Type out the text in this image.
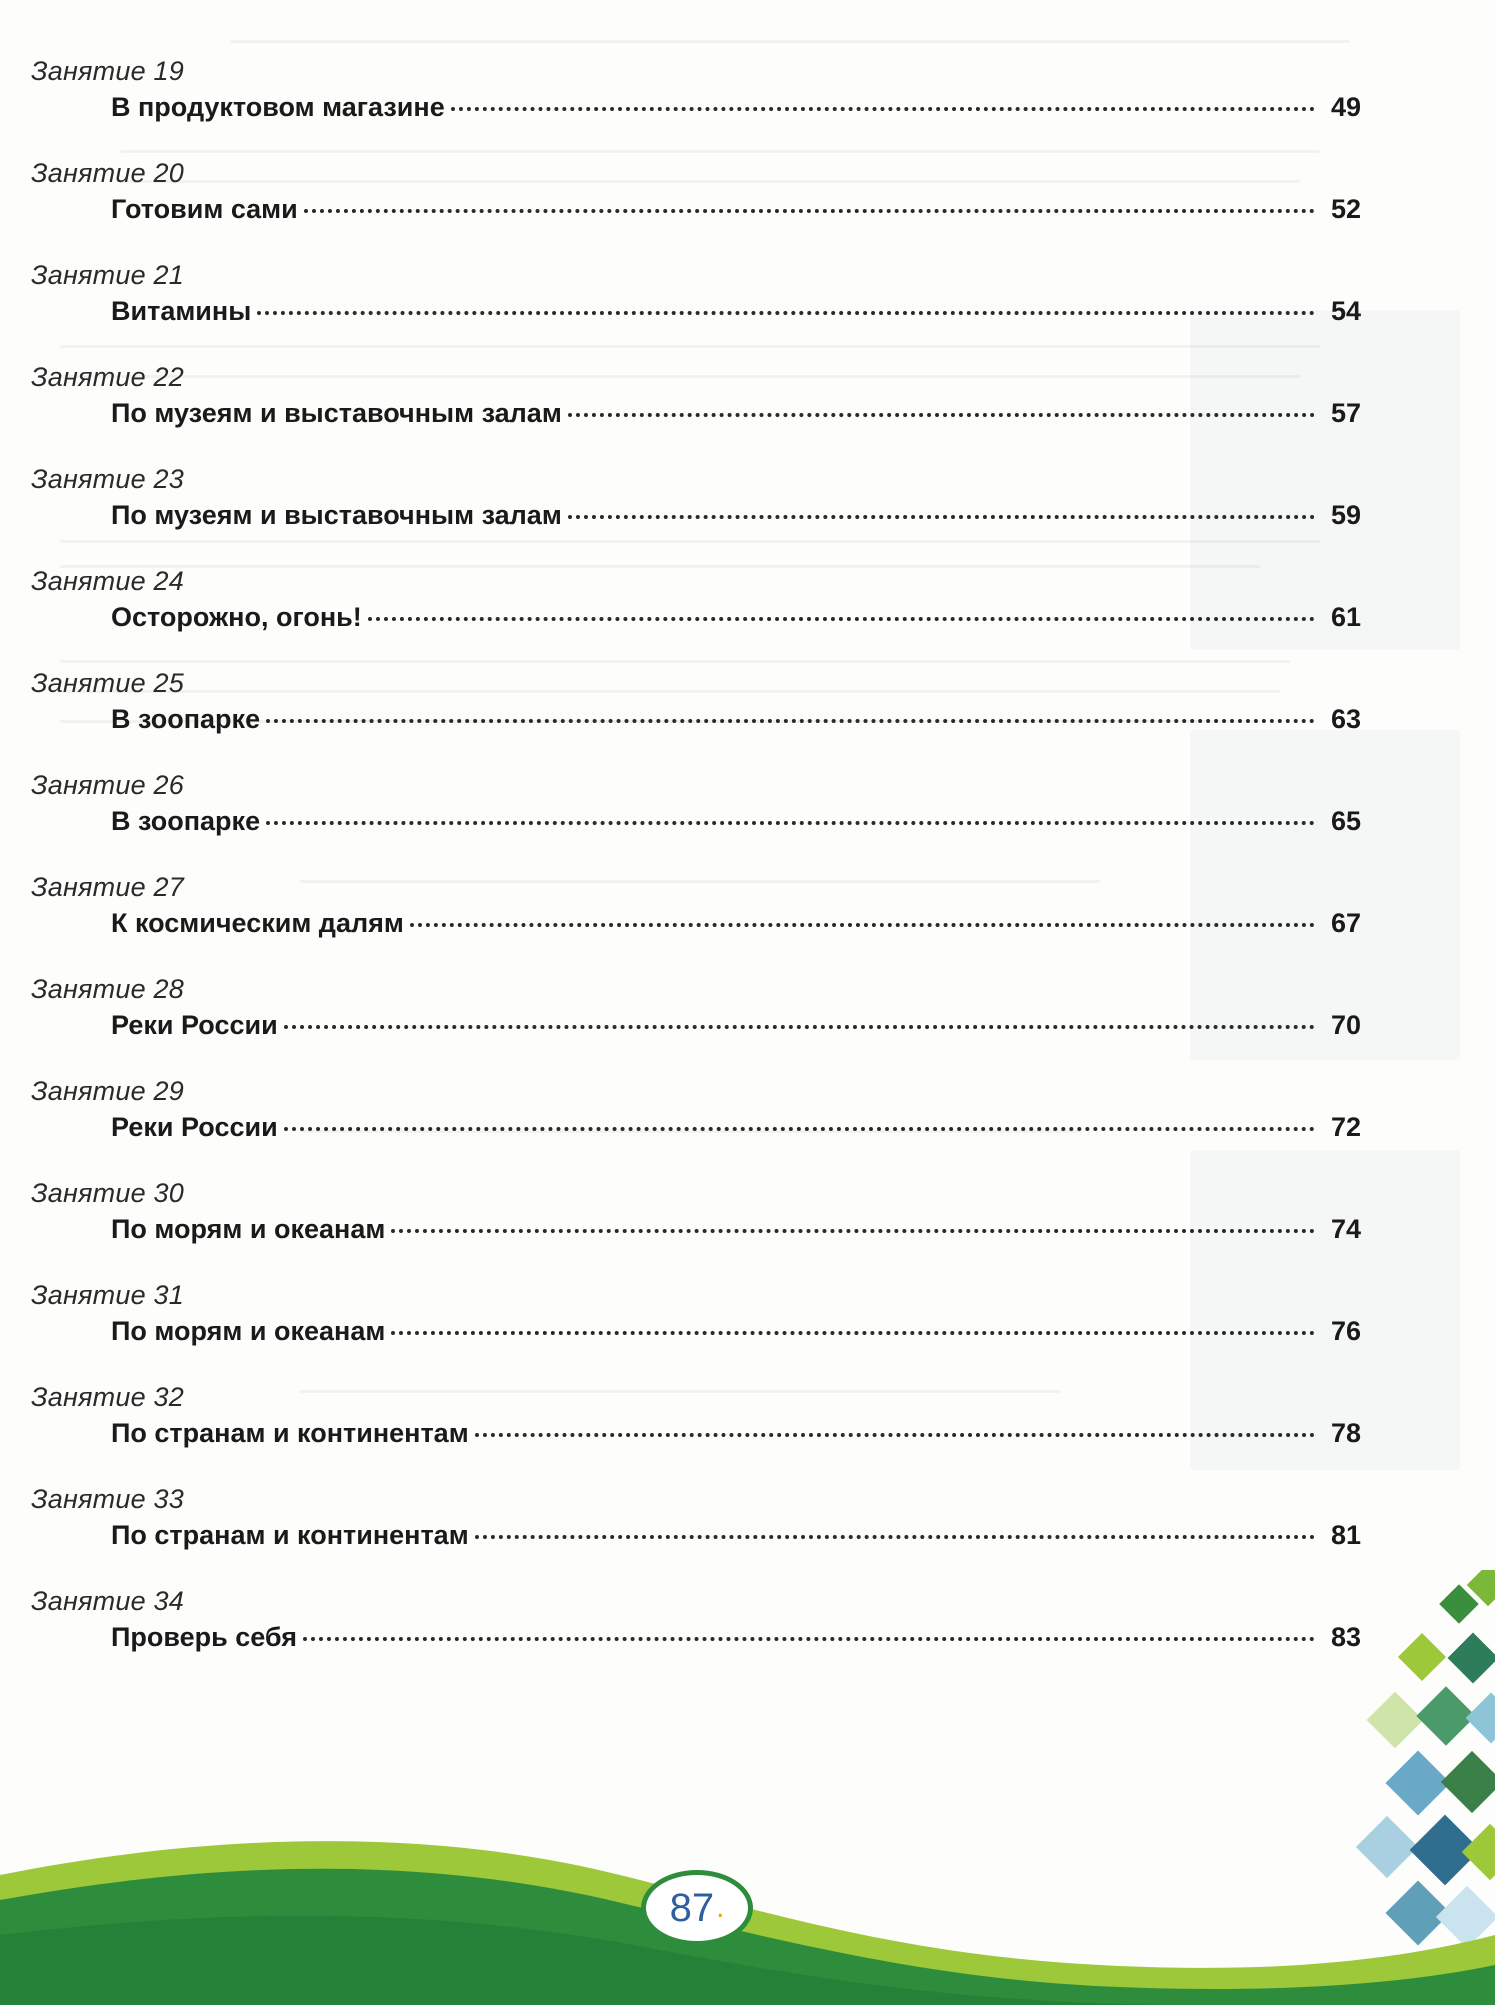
Занятие 19
В продуктовом магазине	49
Занятие 20
Готовим сами	52
Занятие 21
Витамины	54
Занятие 22
По музеям и выставочным залам	57
Занятие 23
По музеям и выставочным залам	59
Занятие 24
Осторожно, огонь!	61
Занятие 25
В зоопарке	63
Занятие 26
В зоопарке	65
Занятие 27
К космическим далям	67
Занятие 28
Реки России	70
Занятие 29
Реки России	72
Занятие 30
По морям и океанам	74
Занятие 31
По морям и океанам	76
Занятие 32
По странам и континентам	78
Занятие 33
По странам и континентам	81
Занятие 34
Проверь себя	83
87 .
